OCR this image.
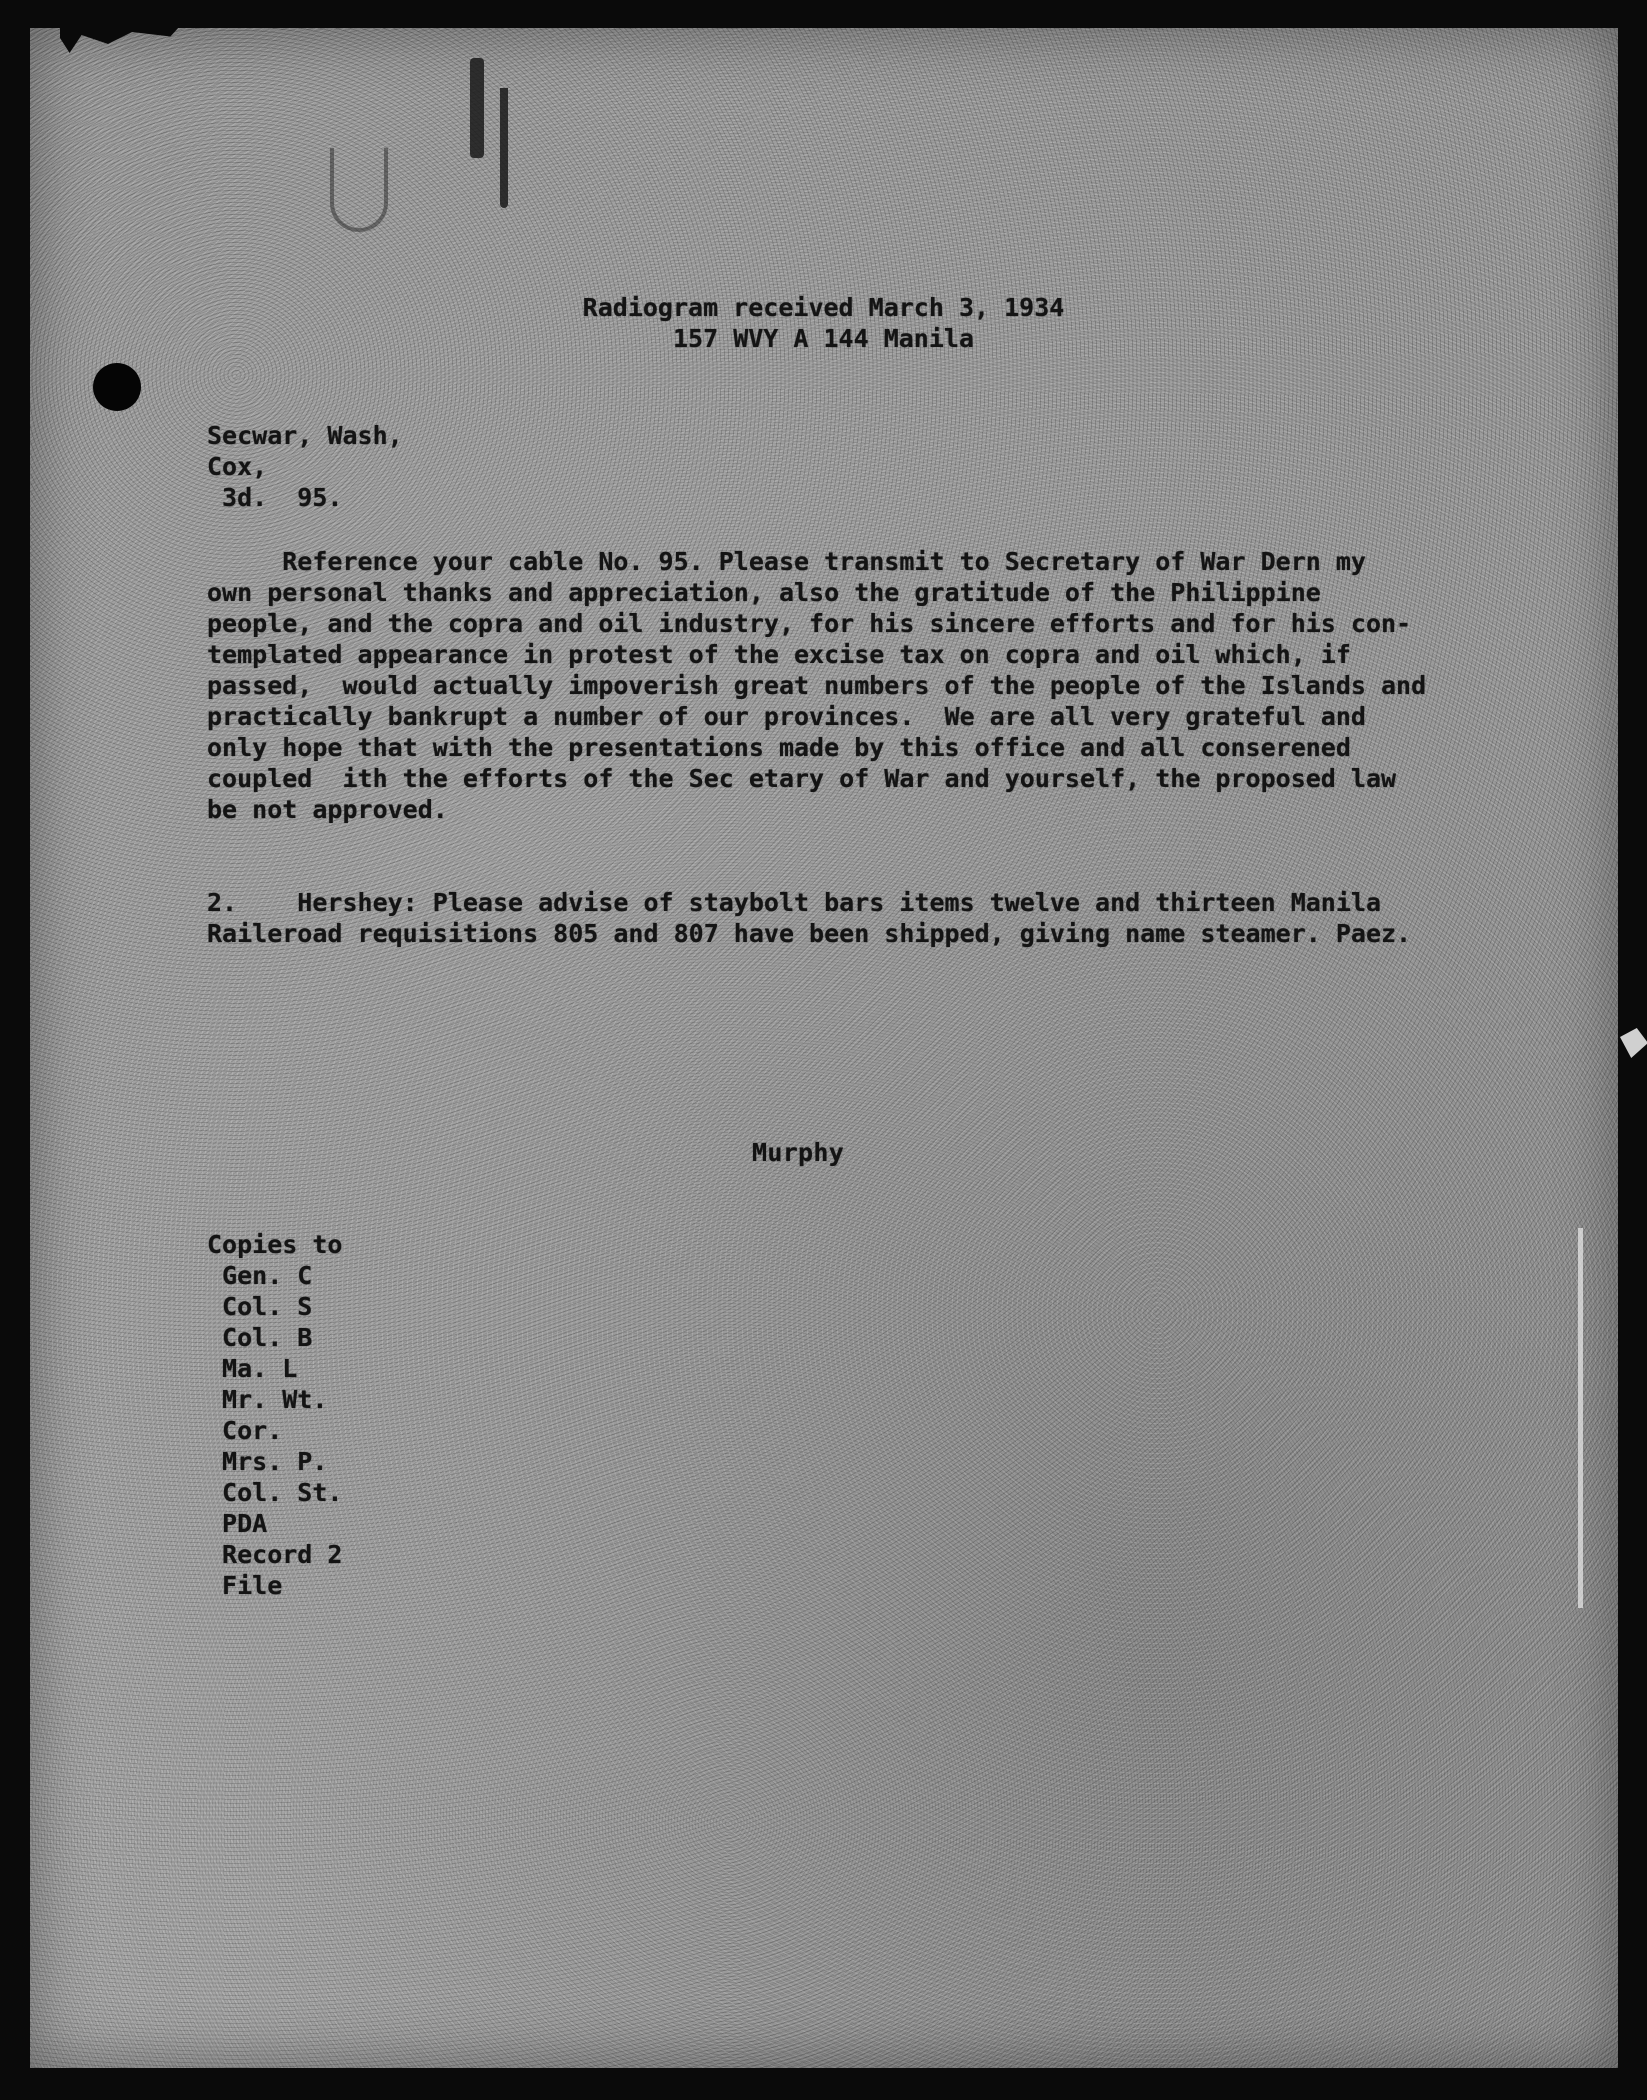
Radiogram received March 3, 1934
157 WVY A 144 Manila
Secwar, Wash,
Cox,
3d.  95.
Reference your cable No. 95. Please transmit to Secretary of War Dern my
own personal thanks and appreciation, also the gratitude of the Philippine
people, and the copra and oil industry, for his sincere efforts and for his con-
templated appearance in protest of the excise tax on copra and oil which, if
passed,  would actually impoverish great numbers of the people of the Islands and
practically bankrupt a number of our provinces.  We are all very grateful and
only hope that with the presentations made by this office and all conserened
coupled  ith the efforts of the Sec etary of War and yourself, the proposed law
be not approved.
2.    Hershey: Please advise of staybolt bars items twelve and thirteen Manila
Raileroad requisitions 805 and 807 have been shipped, giving name steamer. Paez.
Murphy
Copies to
Gen. C
Col. S
Col. B
Ma. L
Mr. Wt.
Cor.
Mrs. P.
Col. St.
PDA
Record 2
File
